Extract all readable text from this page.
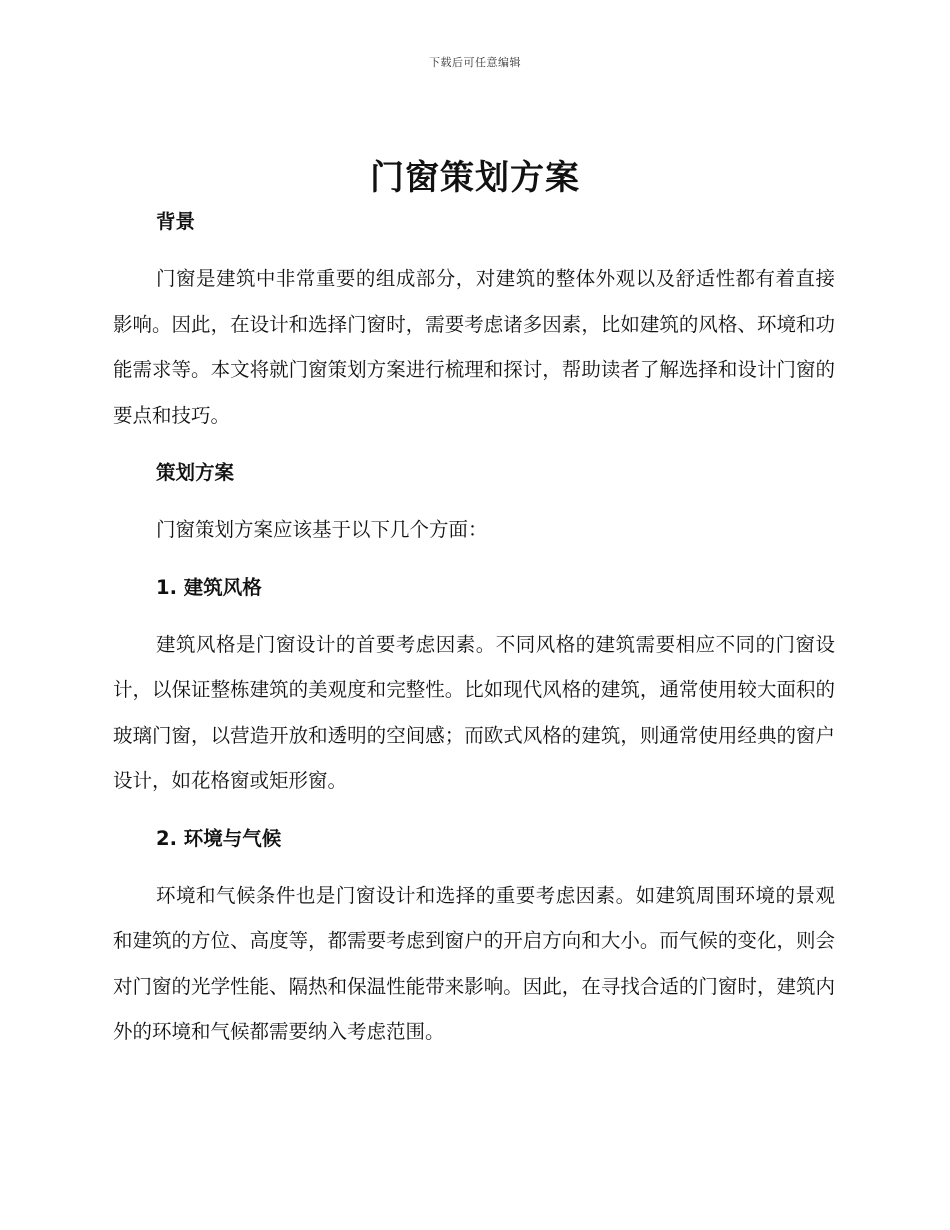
下载后可任意编辑
门窗策划方案
背景

门窗是建筑中非常重要的组成部分，对建筑的整体外观以及舒适性都有着直接影响。因此，在设计和选择门窗时，需要考虑诸多因素，比如建筑的风格、环境和功能需求等。本文将就门窗策划方案进行梳理和探讨，帮助读者了解选择和设计门窗的要点和技巧。

策划方案

门窗策划方案应该基于以下几个方面：

1. 建筑风格

建筑风格是门窗设计的首要考虑因素。不同风格的建筑需要相应不同的门窗设计，以保证整栋建筑的美观度和完整性。比如现代风格的建筑，通常使用较大面积的玻璃门窗，以营造开放和透明的空间感；而欧式风格的建筑，则通常使用经典的窗户设计，如花格窗或矩形窗。

2. 环境与气候

环境和气候条件也是门窗设计和选择的重要考虑因素。如建筑周围环境的景观和建筑的方位、高度等，都需要考虑到窗户的开启方向和大小。而气候的变化，则会对门窗的光学性能、隔热和保温性能带来影响。因此，在寻找合适的门窗时，建筑内外的环境和气候都需要纳入考虑范围。
